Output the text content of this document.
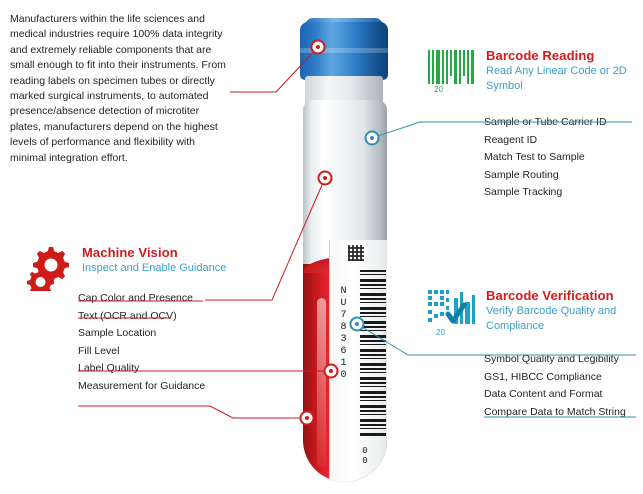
Manufacturers within the life sciences and medical industries require 100% data integrity and extremely reliable components that are small enough to fit into their instruments. From reading labels on specimen tubes or directly marked surgical instruments, to automated presence/absence detection of microtiter plates, manufacturers depend on the highest levels of performance and flexibility with minimal integration effort.
NU783610
00
20

Barcode Reading

Read Any Linear Code or 2D Symbol

Sample or Tube Carrier ID
Reagent ID
Match Test to Sample
Sample Routing
Sample Tracking
20

Barcode Verification

Verify Barcode Quality and Compliance

Symbol Quality and Legibility
GS1, HIBCC Compliance
Data Content and Format
Compare Data to Match String

Machine Vision

Inspect and Enable Guidance

Cap Color and Presence
Text (OCR and OCV)
Sample Location
Fill Level
Label Quality
Measurement for Guidance
